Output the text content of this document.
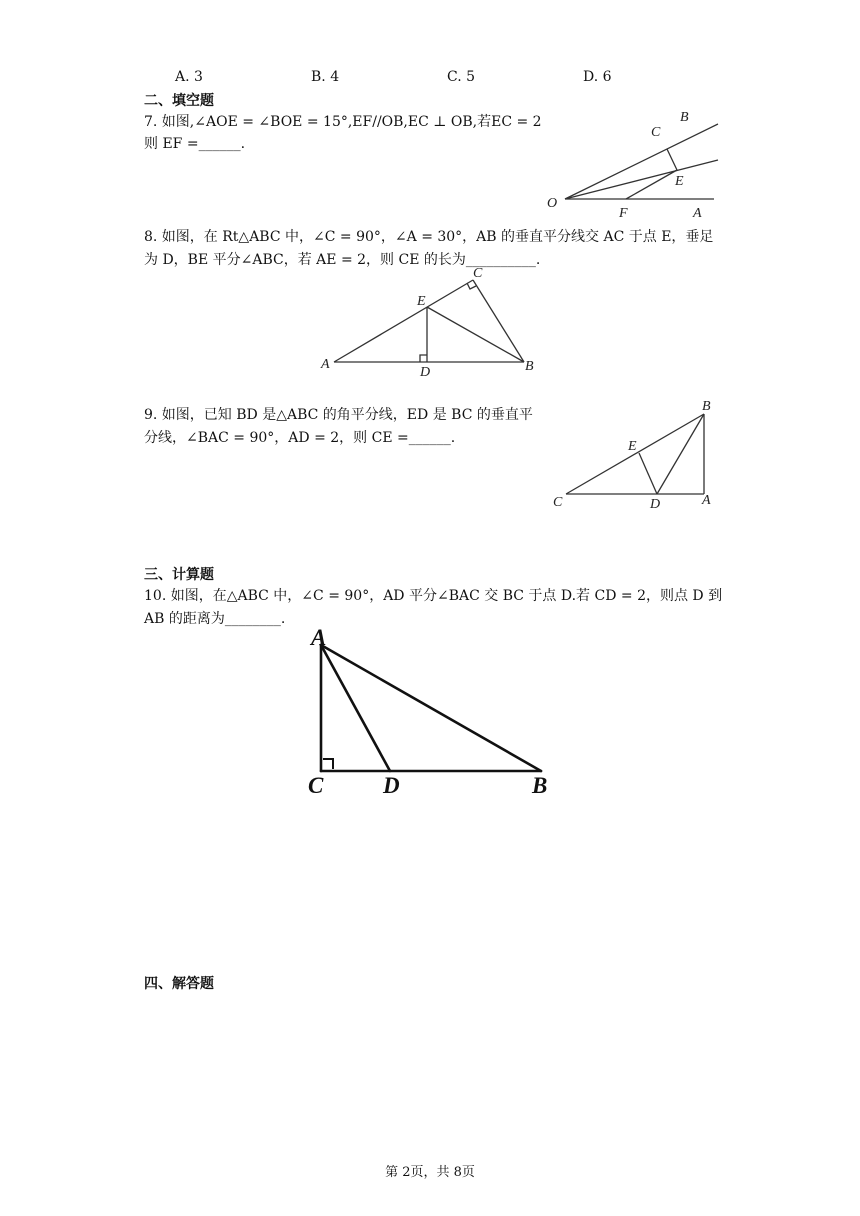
A. 3	B. 4	C. 5	D. 6
二、填空题
7. 如图,∠AOE = ∠BOE = 15°,EF//OB,EC ⊥ OB,若EC = 2
则 EF =______.
B
C
E
O
F	A
8. 如图，在 Rt△ABC 中，∠C = 90°，∠A = 30°，AB 的垂直平分线交 AC 于点 E，垂足
为 D，BE 平分∠ABC，若 AE = 2，则 CE 的长为__________.
C
E
A
D	B
9. 如图，已知 BD 是△ABC 的角平分线，ED 是 BC 的垂直平
分线，∠BAC = 90°，AD = 2，则 CE =______.
B
E
C	D	A
三、计算题
10. 如图，在△ABC 中，∠C = 90°，AD 平分∠BAC 交 BC 于点 D.若 CD = 2，则点 D 到
AB 的距离为________.
A
C	D	B
四、解答题
第 2页，共 8页
